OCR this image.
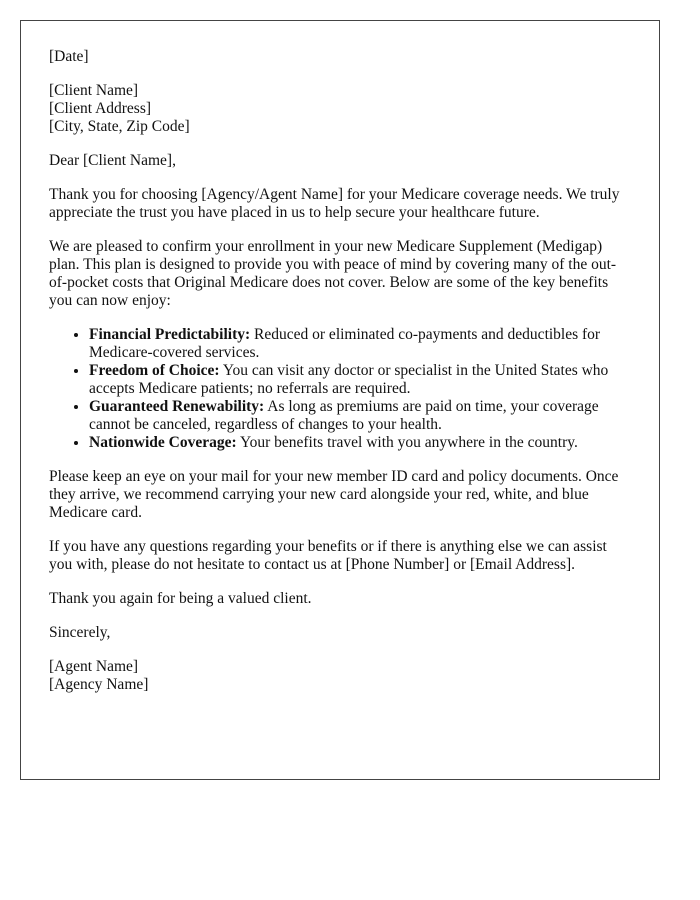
[Date]

[Client Name]
[Client Address]
[City, State, Zip Code]

Dear [Client Name],

Thank you for choosing [Agency/Agent Name] for your Medicare coverage needs. We truly appreciate the trust you have placed in us to help secure your healthcare future.

We are pleased to confirm your enrollment in your new Medicare Supplement (Medigap) plan. This plan is designed to provide you with peace of mind by covering many of the out-of-pocket costs that Original Medicare does not cover. Below are some of the key benefits you can now enjoy:

• Financial Predictability: Reduced or eliminated co-payments and deductibles for Medicare-covered services.
• Freedom of Choice: You can visit any doctor or specialist in the United States who accepts Medicare patients; no referrals are required.
• Guaranteed Renewability: As long as premiums are paid on time, your coverage cannot be canceled, regardless of changes to your health.
• Nationwide Coverage: Your benefits travel with you anywhere in the country.

Please keep an eye on your mail for your new member ID card and policy documents. Once they arrive, we recommend carrying your new card alongside your red, white, and blue Medicare card.

If you have any questions regarding your benefits or if there is anything else we can assist you with, please do not hesitate to contact us at [Phone Number] or [Email Address].

Thank you again for being a valued client.

Sincerely,

[Agent Name]
[Agency Name]
